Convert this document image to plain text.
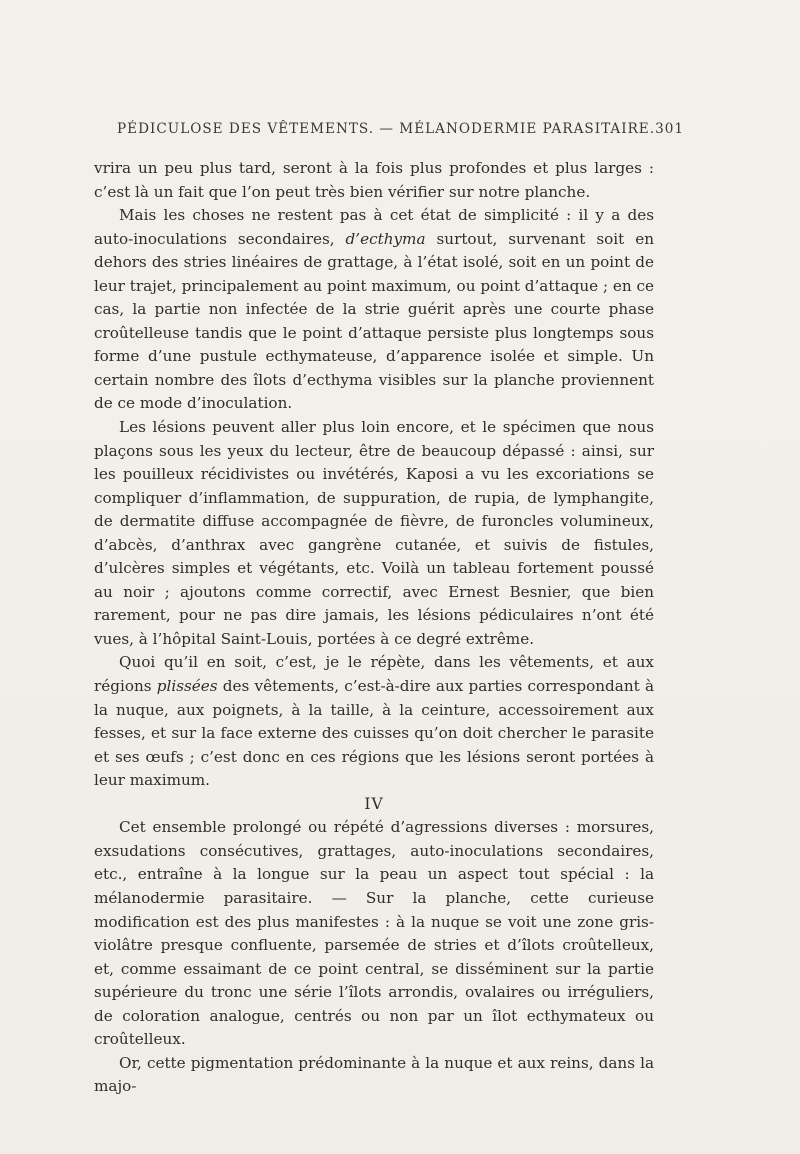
PÉDICULOSE DES VÊTEMENTS. — MÉLANODERMIE PARASITAIRE. 301

vrira un peu plus tard, seront à la fois plus profondes et plus larges : c’est là un fait que l’on peut très bien vérifier sur notre planche.

Mais les choses ne restent pas à cet état de simplicité : il y a des auto-inoculations secondaires, d’ecthyma surtout, survenant soit en dehors des stries linéaires de grattage, à l’état isolé, soit en un point de leur trajet, principalement au point maximum, ou point d’attaque ; en ce cas, la partie non infectée de la strie guérit après une courte phase croûtelleuse tandis que le point d’attaque persiste plus longtemps sous forme d’une pustule ecthymateuse, d’apparence isolée et simple. Un certain nombre des îlots d’ecthyma visibles sur la planche proviennent de ce mode d’inoculation.

Les lésions peuvent aller plus loin encore, et le spécimen que nous plaçons sous les yeux du lecteur, être de beaucoup dépassé : ainsi, sur les pouilleux récidivistes ou invétérés, Kaposi a vu les excoriations se compliquer d’inflammation, de suppuration, de rupia, de lymphangite, de dermatite diffuse accompagnée de fièvre, de furoncles volumineux, d’abcès, d’anthrax avec gangrène cutanée, et suivis de fistules, d’ulcères simples et végétants, etc. Voilà un tableau fortement poussé au noir ; ajoutons comme correctif, avec Ernest Besnier, que bien rarement, pour ne pas dire jamais, les lésions pédiculaires n’ont été vues, à l’hôpital Saint-Louis, portées à ce degré extrême.

Quoi qu’il en soit, c’est, je le répète, dans les vêtements, et aux régions plissées des vêtements, c’est-à-dire aux parties correspondant à la nuque, aux poignets, à la taille, à la ceinture, accessoirement aux fesses, et sur la face externe des cuisses qu’on doit chercher le parasite et ses œufs ; c’est donc en ces régions que les lésions seront portées à leur maximum.

IV

Cet ensemble prolongé ou répété d’agressions diverses : morsures, exsudations consécutives, grattages, auto-inoculations secondaires, etc., entraîne à la longue sur la peau un aspect tout spécial : la mélanodermie parasitaire. — Sur la planche, cette curieuse modification est des plus manifestes : à la nuque se voit une zone gris-violâtre presque confluente, parsemée de stries et d’îlots croûtelleux, et, comme essaimant de ce point central, se disséminent sur la partie supérieure du tronc une série l’îlots arrondis, ovalaires ou irréguliers, de coloration analogue, centrés ou non par un îlot ecthymateux ou croûtelleux.

Or, cette pigmentation prédominante à la nuque et aux reins, dans la majo-
